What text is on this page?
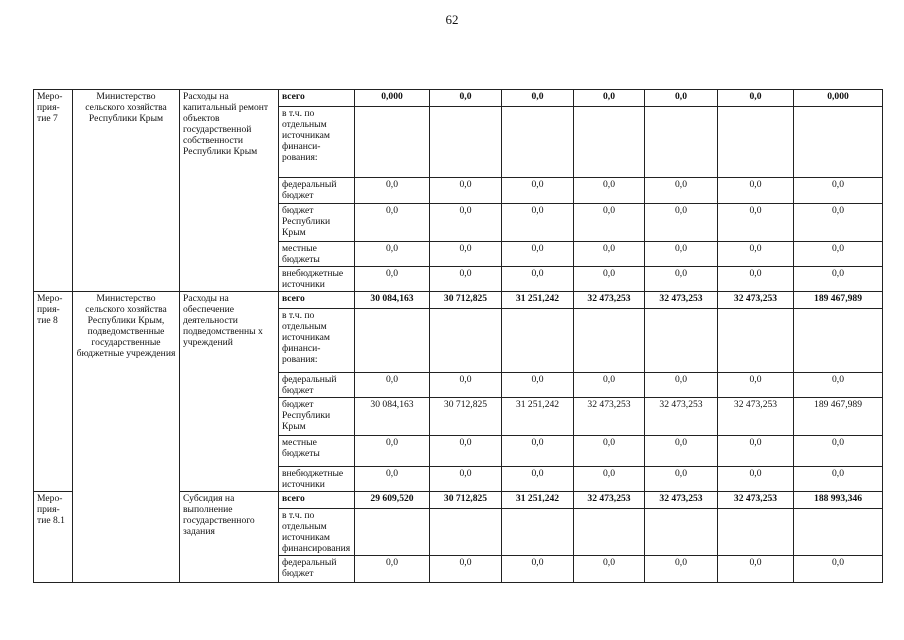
62
Меро-
прия-
тие 7	Министерство сельского хозяйства Республики Крым	Расходы на капитальный ремонт объектов государственной собственности Республики Крым	всего	0,000	0,0	0,0	0,0	0,0	0,0	0,000
			в т.ч. по отдельным источникам финанси-рования:							
			федеральный бюджет	0,0	0,0	0,0	0,0	0,0	0,0	0,0
			бюджет Республики Крым	0,0	0,0	0,0	0,0	0,0	0,0	0,0
			местные бюджеты	0,0	0,0	0,0	0,0	0,0	0,0	0,0
			внебюджетные источники	0,0	0,0	0,0	0,0	0,0	0,0	0,0
Меро-
прия-
тие 8	Министерство сельского хозяйства Республики Крым, подведомственные государственные бюджетные учреждения	Расходы на обеспечение деятельности подведомственны х учреждений	всего	30 084,163	30 712,825	31 251,242	32 473,253	32 473,253	32 473,253	189 467,989
			в т.ч. по отдельным источникам финанси-рования:							
			федеральный бюджет	0,0	0,0	0,0	0,0	0,0	0,0	0,0
			бюджет Республики Крым	30 084,163	30 712,825	31 251,242	32 473,253	32 473,253	32 473,253	189 467,989
			местные бюджеты	0,0	0,0	0,0	0,0	0,0	0,0	0,0
			внебюджетные источники	0,0	0,0	0,0	0,0	0,0	0,0	0,0
Меро-
прия-
тие 8.1		Субсидия на выполнение государственного задания	всего	29 609,520	30 712,825	31 251,242	32 473,253	32 473,253	32 473,253	188 993,346
			в т.ч. по отдельным источникам финансирования							
			федеральный бюджет	0,0	0,0	0,0	0,0	0,0	0,0	0,0
